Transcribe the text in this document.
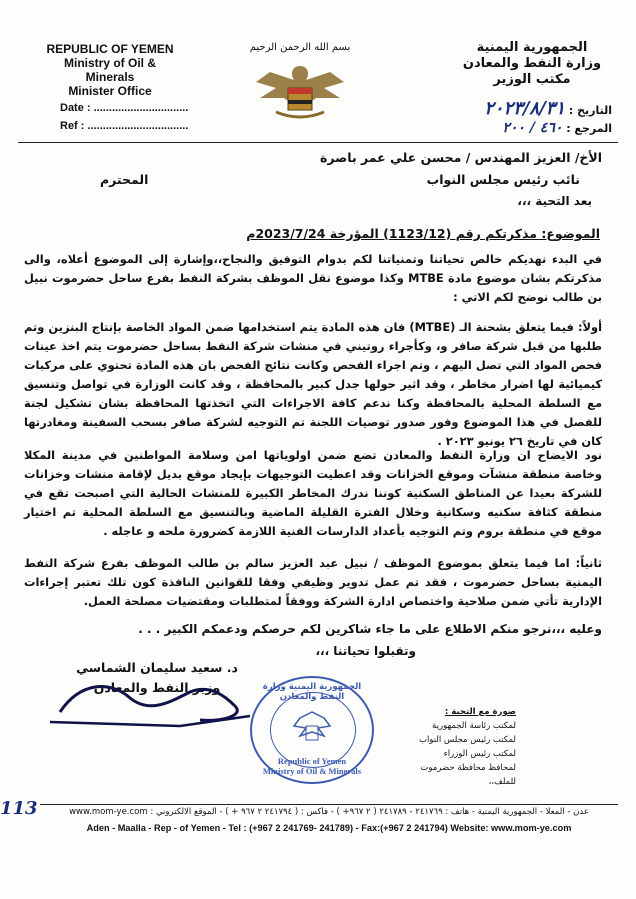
REPUBLIC OF YEMEN
Ministry of Oil &
Minerals
Minister Office
Date : ...............................
Ref : .................................
بسم الله الرحمن الرحيم	الجمهورية اليمنية
وزارة النفط والمعادن
مكتب الوزير
التاريخ : ٢٠٢٣/٨/٣١
المرجع : ٤٦٠ / ٢٠٠
الأخ/ العزيز المهندس / محسن علي عمر باصرة
نائب رئيس مجلس النواب
المحترم
بعد التحية ،،،
الموضوع: مذكرتكم رقم (1123/12) المؤرخة 2023/7/24م
في البدء نهديكم خالص تحياتنا وتمنياتنا لكم بدوام التوفيق والنجاح،،وإشارة إلى الموضوع أعلاه، والى مذكرتكم بشان موضوع مادة MTBE وكذا موضوع نقل الموظف بشركة النفط بفرع ساحل حضرموت نبيل بن طالب نوضح لكم الاتي :
أولاً: فيما يتعلق بشحنة الـ (MTBE) فان هذه المادة يتم استخدامها ضمن المواد الخاصة بإنتاج البنزين وتم طلبها من قبل شركة صافر و، وكأجراء روتيني في منشات شركة النفط بساحل حضرموت يتم اخذ عينات فحص المواد التي تصل اليهم ، وتم اجراء الفحص وكانت نتائج الفحص بان هذه المادة تحتوي على مركبات كيميائية لها اضرار مخاطر ، وقد اثير حولها جدل كبير بالمحافظة ، وقد كانت الوزارة في تواصل وتنسيق مع السلطة المحلية بالمحافظة وكنا ندعم كافة الاجراءات التي اتخذتها المحافظة بشان تشكيل لجنة للفصل في هذا الموضوع وفور صدور توصيات اللجنة تم التوجيه لشركة صافر بسحب السفينة ومغادرتها كان في تاريخ ٢٦ يونيو ٢٠٢٣ .
نود الايضاح ان وزارة النفط والمعادن تضع ضمن اولوياتها امن وسلامة المواطنين في مدينة المكلا وخاصة منطقة منشآت وموقع الخزانات وقد اعطيت التوجيهات بإيجاد موقع بديل لإقامة منشات وخزانات للشركة بعيدا عن المناطق السكنية كوننا ندرك المخاطر الكبيرة للمنشات الحالية التي اصبحت تقع في منطقة كثافة سكنيه وسكانية وخلال الفترة القليلة الماضية وبالتنسيق مع السلطة المحلية تم اختيار موقع في منطقة بروم وتم التوجيه بأعداد الدارسات الفنية اللازمة كضرورة ملحه و عاجله .
ثانياً: اما فيما يتعلق بموضوع الموظف / نبيل عبد العزيز سالم بن طالب الموظف بفرع شركة النفط اليمنية بساحل حضرموت ، فقد تم عمل تدوير وظيفي وفقا للقوانين النافذة كون تلك تعتبر إجراءات الإدارية تأتي ضمن صلاحية واختصاص ادارة الشركة ووفقاً لمتطلبات ومقتضيات مصلحة العمل.
وعليه ،،،نرجو منكم الاطلاع على ما جاء شاكرين لكم حرصكم ودعمكم الكبير . . .
وتقبلوا تحياتنا ،،،
د. سعيد سليمان الشماسي
وزير النفط والمعادن	الجمهورية اليمنية وزارة النفط والمعادن
Republic of Yemen Ministry of Oil & Minerals
صورة مع التحية :
لمكتب رئاسة الجمهورية
لمكتب رئيس مجلس النواب
لمكتب رئيس الوزراء
لمحافظ محافظة حضرموت
للملف،،
113	عدن - المعلا - الجمهورية اليمنية - هاتف : ٢٤١٧٦٩ - ٢٤١٧٨٩ ( ٢ ٩٦٧+ ) - فاكس : ( ٢٤١٧٩٤ ٢ ٩٦٧ + ) - الموقع الالكتروني : www.mom-ye.com
Aden - Maalla - Rep - of Yemen - Tel : (+967 2 241769- 241789) - Fax:(+967 2 241794) Website: www.mom-ye.com
